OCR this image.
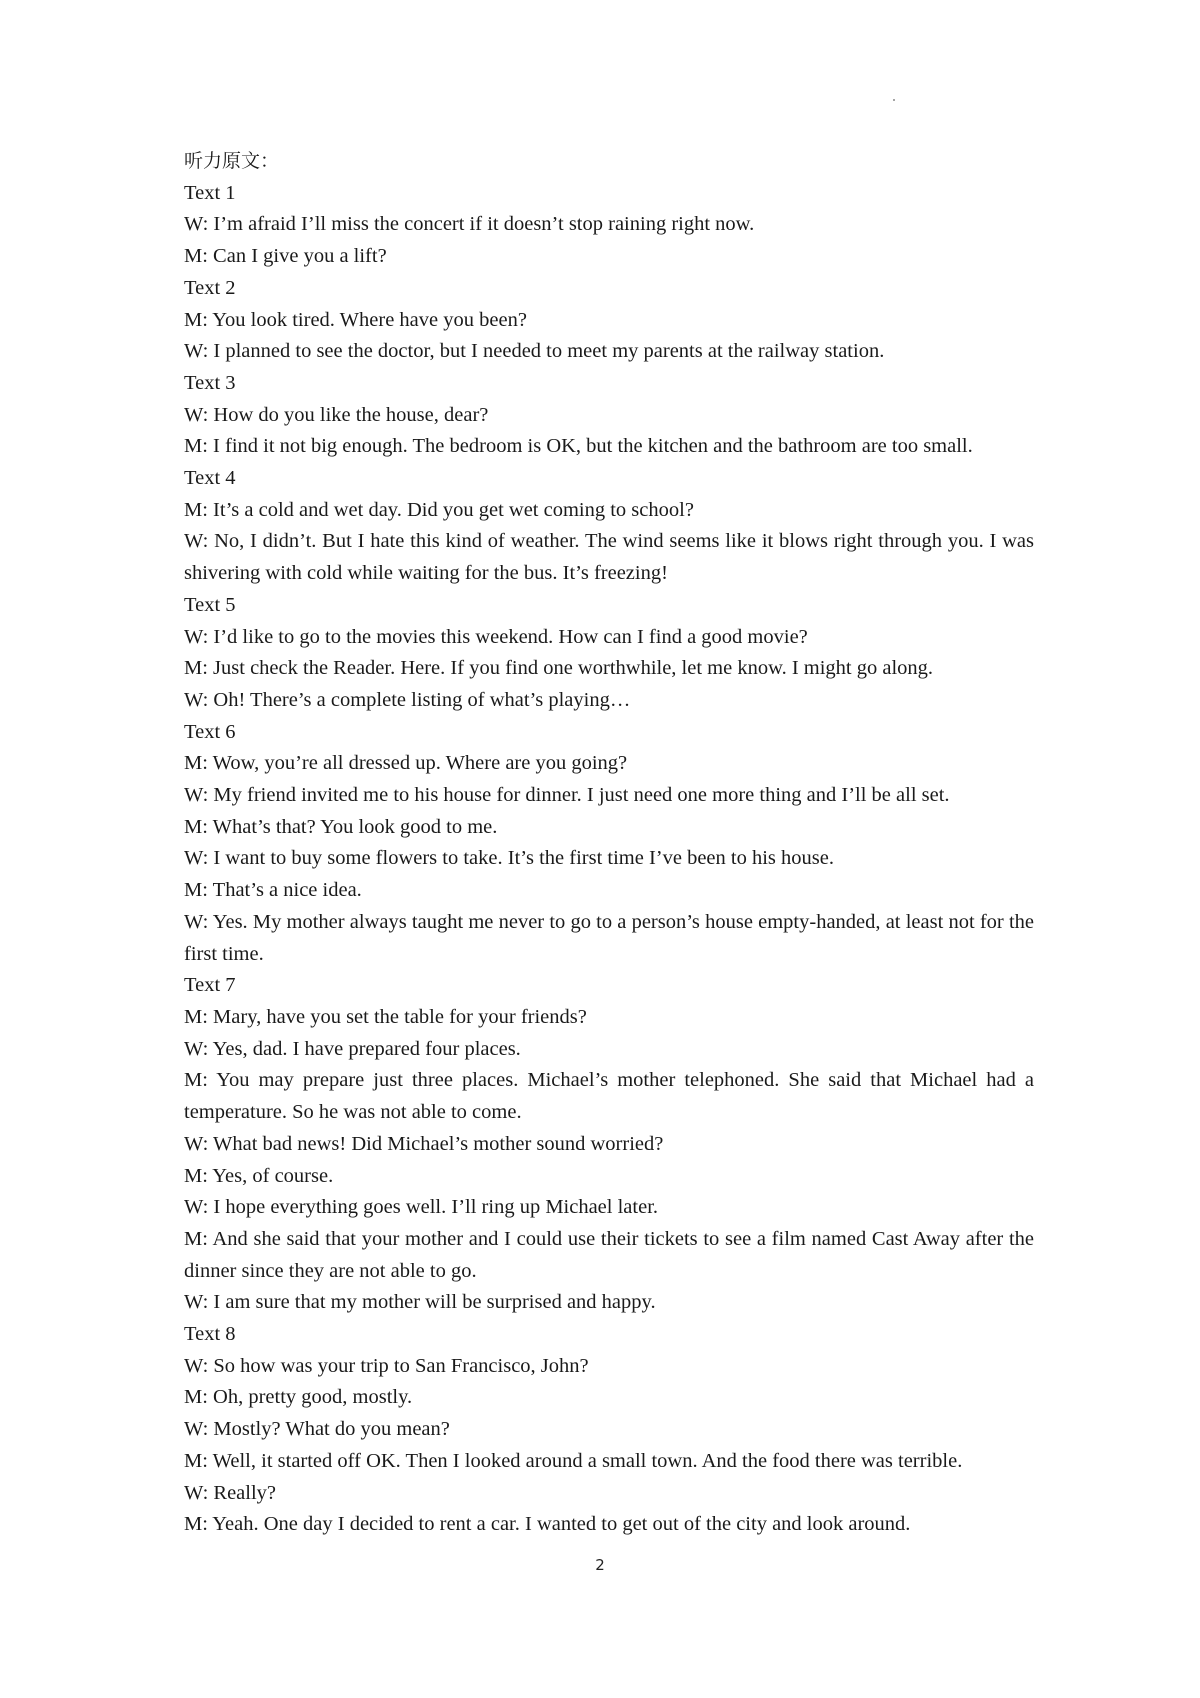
听力原文：
Text 1
W: I’m afraid I’ll miss the concert if it doesn’t stop raining right now.
M: Can I give you a lift?
Text 2
M: You look tired. Where have you been?
W: I planned to see the doctor, but I needed to meet my parents at the railway station.
Text 3
W: How do you like the house, dear?
M: I find it not big enough. The bedroom is OK, but the kitchen and the bathroom are too small.
Text 4
M: It’s a cold and wet day. Did you get wet coming to school?
W: No, I didn’t. But I hate this kind of weather. The wind seems like it blows right through you. I was shivering with cold while waiting for the bus. It’s freezing!
Text 5
W: I’d like to go to the movies this weekend. How can I find a good movie?
M: Just check the Reader. Here. If you find one worthwhile, let me know. I might go along.
W: Oh! There’s a complete listing of what’s playing…
Text 6
M: Wow, you’re all dressed up. Where are you going?
W: My friend invited me to his house for dinner. I just need one more thing and I’ll be all set.
M: What’s that? You look good to me.
W: I want to buy some flowers to take. It’s the first time I’ve been to his house.
M: That’s a nice idea.
W: Yes. My mother always taught me never to go to a person’s house empty-handed, at least not for the first time.
Text 7
M: Mary, have you set the table for your friends?
W: Yes, dad. I have prepared four places.
M: You may prepare just three places. Michael’s mother telephoned. She said that Michael had a temperature. So he was not able to come.
W: What bad news! Did Michael’s mother sound worried?
M: Yes, of course.
W: I hope everything goes well. I’ll ring up Michael later.
M: And she said that your mother and I could use their tickets to see a film named Cast Away after the dinner since they are not able to go.
W: I am sure that my mother will be surprised and happy.
Text 8
W: So how was your trip to San Francisco, John?
M: Oh, pretty good, mostly.
W: Mostly? What do you mean?
M: Well, it started off OK. Then I looked around a small town. And the food there was terrible.
W: Really?
M: Yeah. One day I decided to rent a car. I wanted to get out of the city and look around.
2
